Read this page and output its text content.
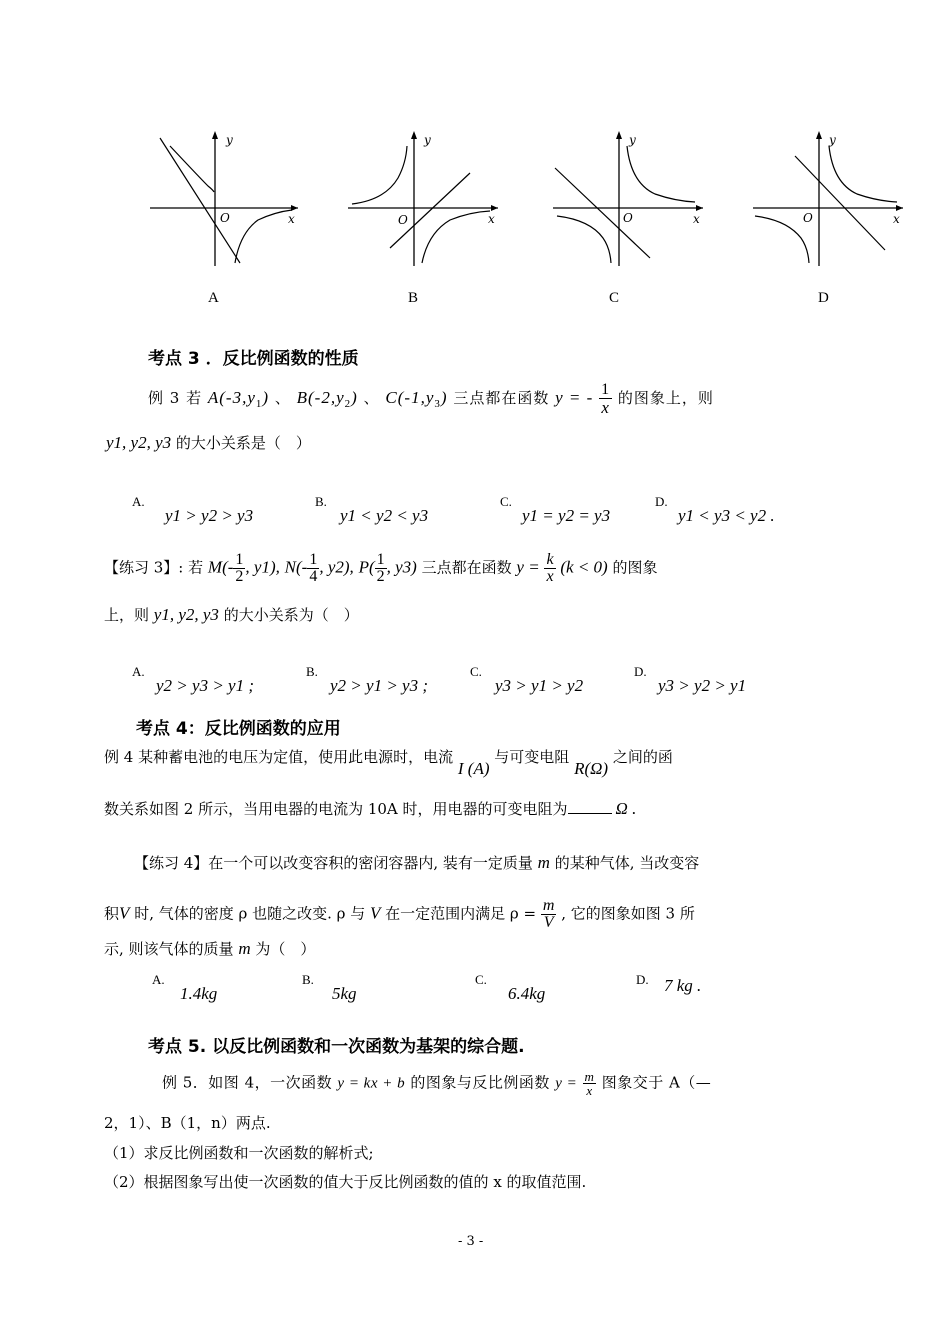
y
x
O
y
x
O
y
x
O
y
x
O
A	B	C	D
考点 3 ．反比例函数的性质
例 3 若 $A(-3,y_1)$ 、 $B(-2,y_2)$ 、 $C(-1,y_3)$ 三点都在函数 y = - $\frac{1}{x}$ 的图象上，则
y1, y2, y3 的大小关系是（　）
A.
y1 > y2 > y3
B.
y1 < y2 < y3
C.
y1 = y2 = y3
D.
y1 < y3 < y2 .
【练习 3】: 若 $M(- \frac{1}{2}$ , y1), $N(- \frac{1}{4}$ , y2), $P( \frac{1}{2}$ , y3) 三点都在函数 $y = \frac{k}{x} (k < 0)$ 的图象
上，则 y1, y2, y3 的大小关系为（　）
A.
y2 > y3 > y1 ;
B.
y2 > y1 > y3 ;
C.
y3 > y1 > y2
D.
y3 > y2 > y1
考点 4：反比例函数的应用
例 4 某种蓄电池的电压为定值，使用此电源时，电流 I (A) 与可变电阻 R(Ω) 之间的函
数关系如图 2 所示，当用电器的电流为 10A 时，用电器的可变电阻为	Ω .
【练习 4】在一个可以改变容积的密闭容器内, 装有一定质量 m 的某种气体, 当改变容
积V 时, 气体的密度 ρ 也随之改变. ρ 与 V 在一定范围内满足 $\rho = \frac{m}{V}$ , 它的图象如图 3 所
示, 则该气体的质量 m 为（　）
A.
1.4kg
B.
5kg
C.
6.4kg
D. 7 kg .
考点 5. 以反比例函数和一次函数为基架的综合题.
例 5．如图 4，一次函数 y = kx + b 的图象与反比例函数 $y = \frac{m}{x}$ 图象交于 A（—
2，1）、B（1，n）两点.
（1）求反比例函数和一次函数的解析式;
（2）根据图象写出使一次函数的值大于反比例函数的值的 x 的取值范围.
- 3 -
